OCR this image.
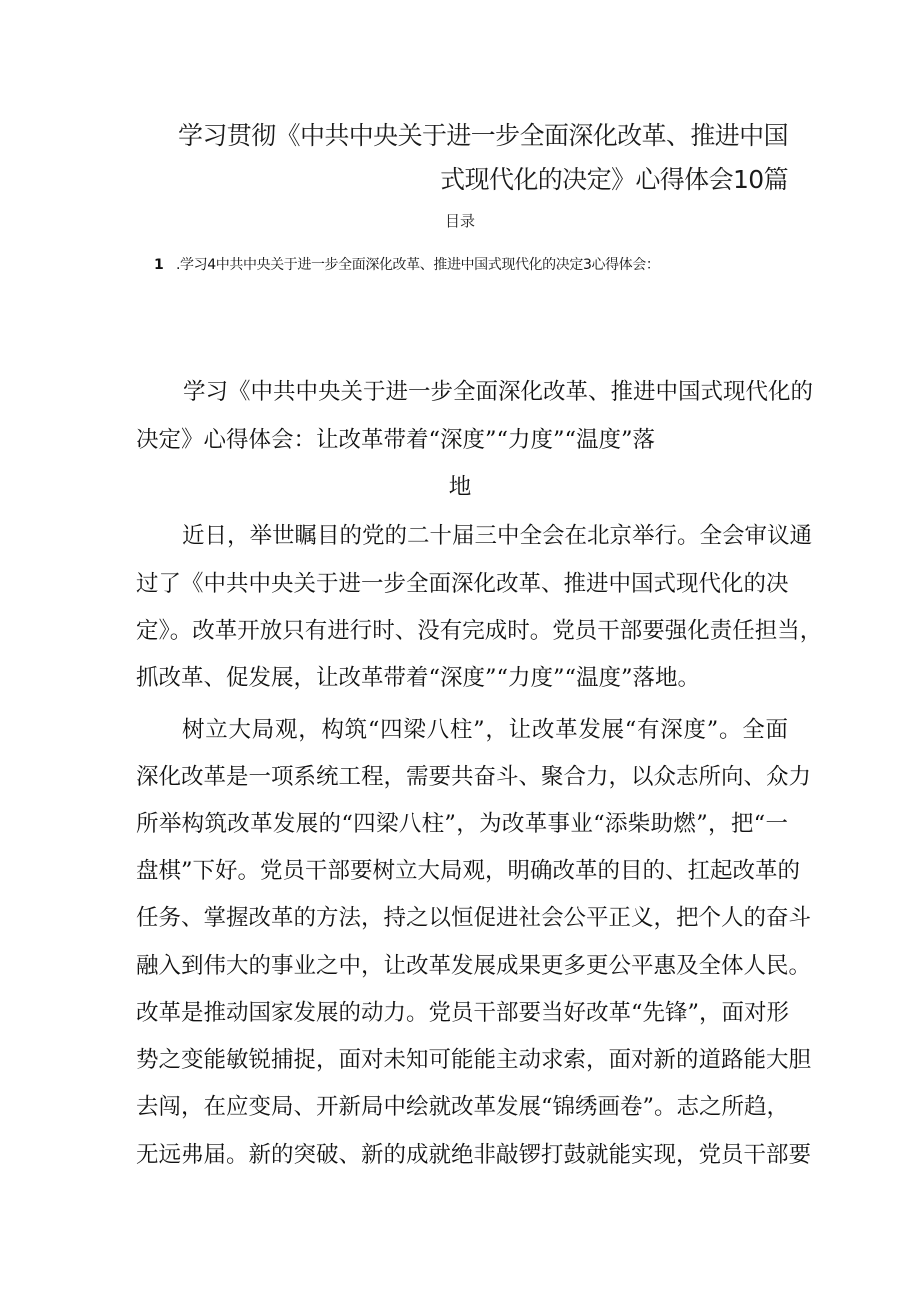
学习贯彻《中共中央关于进一步全面深化改革、推进中国
式现代化的决定》心得体会10篇
目录
1 .学习4中共中央关于进一步全面深化改革、推进中国式现代化的决定3心得体会：
学习《中共中央关于进一步全面深化改革、推进中国式现代化的
决定》心得体会：让改革带着“深度”“力度”“温度”落
地
近日，举世瞩目的党的二十届三中全会在北京举行。全会审议通
过了《中共中央关于进一步全面深化改革、推进中国式现代化的决
定》。改革开放只有进行时、没有完成时。党员干部要强化责任担当，
抓改革、促发展，让改革带着“深度”“力度”“温度”落地。
树立大局观，构筑“四梁八柱”，让改革发展“有深度”。全面
深化改革是一项系统工程，需要共奋斗、聚合力，以众志所向、众力
所举构筑改革发展的“四梁八柱”，为改革事业“添柴助燃”，把“一
盘棋”下好。党员干部要树立大局观，明确改革的目的、扛起改革的
任务、掌握改革的方法，持之以恒促进社会公平正义，把个人的奋斗
融入到伟大的事业之中，让改革发展成果更多更公平惠及全体人民。
改革是推动国家发展的动力。党员干部要当好改革“先锋”，面对形
势之变能敏锐捕捉，面对未知可能能主动求索，面对新的道路能大胆
去闯，在应变局、开新局中绘就改革发展“锦绣画卷”。志之所趋，
无远弗届。新的突破、新的成就绝非敲锣打鼓就能实现，党员干部要
